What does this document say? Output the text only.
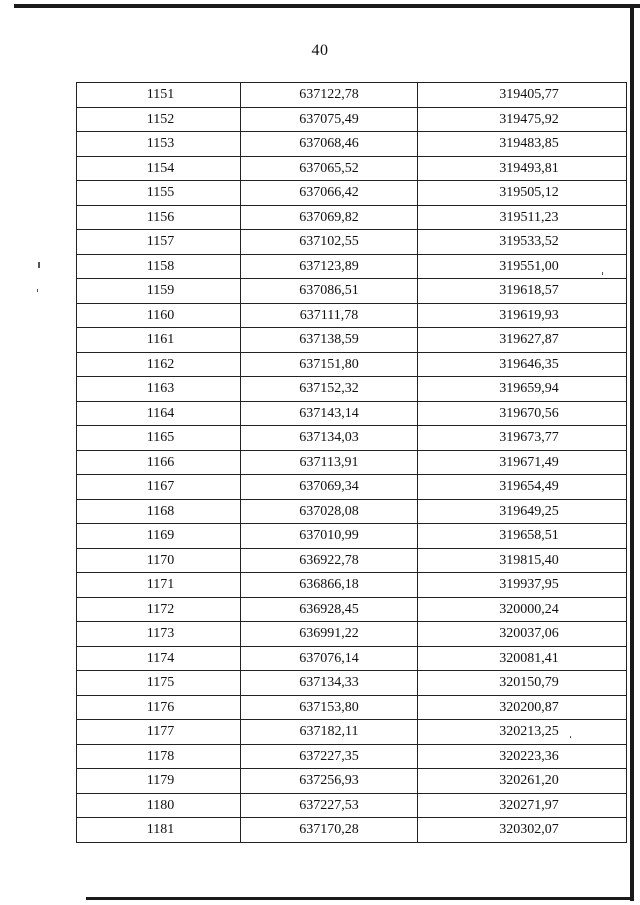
40
1151	637122,78	319405,77
1152	637075,49	319475,92
1153	637068,46	319483,85
1154	637065,52	319493,81
1155	637066,42	319505,12
1156	637069,82	319511,23
1157	637102,55	319533,52
1158	637123,89	319551,00
1159	637086,51	319618,57
1160	637111,78	319619,93
1161	637138,59	319627,87
1162	637151,80	319646,35
1163	637152,32	319659,94
1164	637143,14	319670,56
1165	637134,03	319673,77
1166	637113,91	319671,49
1167	637069,34	319654,49
1168	637028,08	319649,25
1169	637010,99	319658,51
1170	636922,78	319815,40
1171	636866,18	319937,95
1172	636928,45	320000,24
1173	636991,22	320037,06
1174	637076,14	320081,41
1175	637134,33	320150,79
1176	637153,80	320200,87
1177	637182,11	320213,25
1178	637227,35	320223,36
1179	637256,93	320261,20
1180	637227,53	320271,97
1181	637170,28	320302,07
